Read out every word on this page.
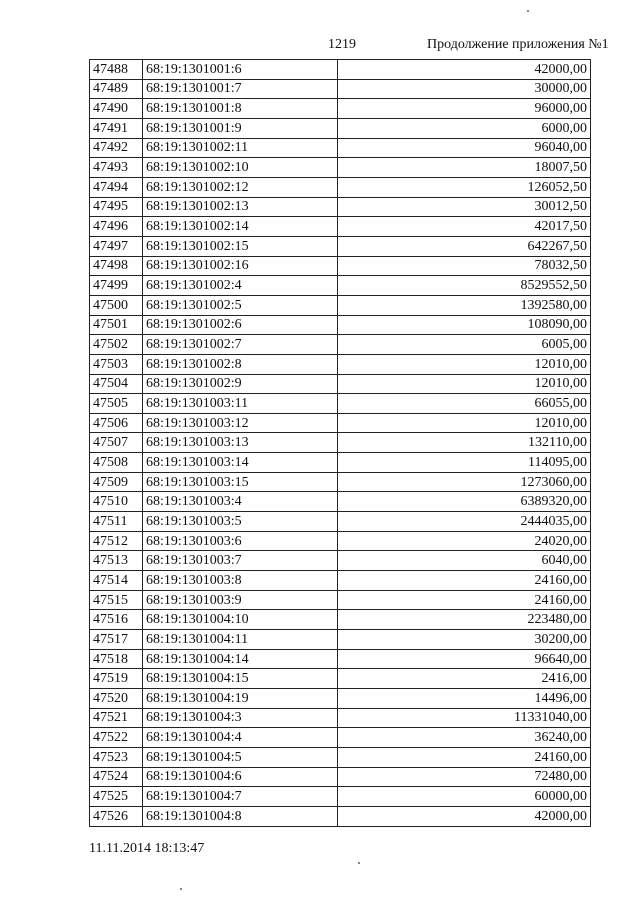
1219	Продолжение приложения №1
47488	68:19:1301001:6	42000,00
47489	68:19:1301001:7	30000,00
47490	68:19:1301001:8	96000,00
47491	68:19:1301001:9	6000,00
47492	68:19:1301002:11	96040,00
47493	68:19:1301002:10	18007,50
47494	68:19:1301002:12	126052,50
47495	68:19:1301002:13	30012,50
47496	68:19:1301002:14	42017,50
47497	68:19:1301002:15	642267,50
47498	68:19:1301002:16	78032,50
47499	68:19:1301002:4	8529552,50
47500	68:19:1301002:5	1392580,00
47501	68:19:1301002:6	108090,00
47502	68:19:1301002:7	6005,00
47503	68:19:1301002:8	12010,00
47504	68:19:1301002:9	12010,00
47505	68:19:1301003:11	66055,00
47506	68:19:1301003:12	12010,00
47507	68:19:1301003:13	132110,00
47508	68:19:1301003:14	114095,00
47509	68:19:1301003:15	1273060,00
47510	68:19:1301003:4	6389320,00
47511	68:19:1301003:5	2444035,00
47512	68:19:1301003:6	24020,00
47513	68:19:1301003:7	6040,00
47514	68:19:1301003:8	24160,00
47515	68:19:1301003:9	24160,00
47516	68:19:1301004:10	223480,00
47517	68:19:1301004:11	30200,00
47518	68:19:1301004:14	96640,00
47519	68:19:1301004:15	2416,00
47520	68:19:1301004:19	14496,00
47521	68:19:1301004:3	11331040,00
47522	68:19:1301004:4	36240,00
47523	68:19:1301004:5	24160,00
47524	68:19:1301004:6	72480,00
47525	68:19:1301004:7	60000,00
47526	68:19:1301004:8	42000,00
11.11.2014 18:13:47
